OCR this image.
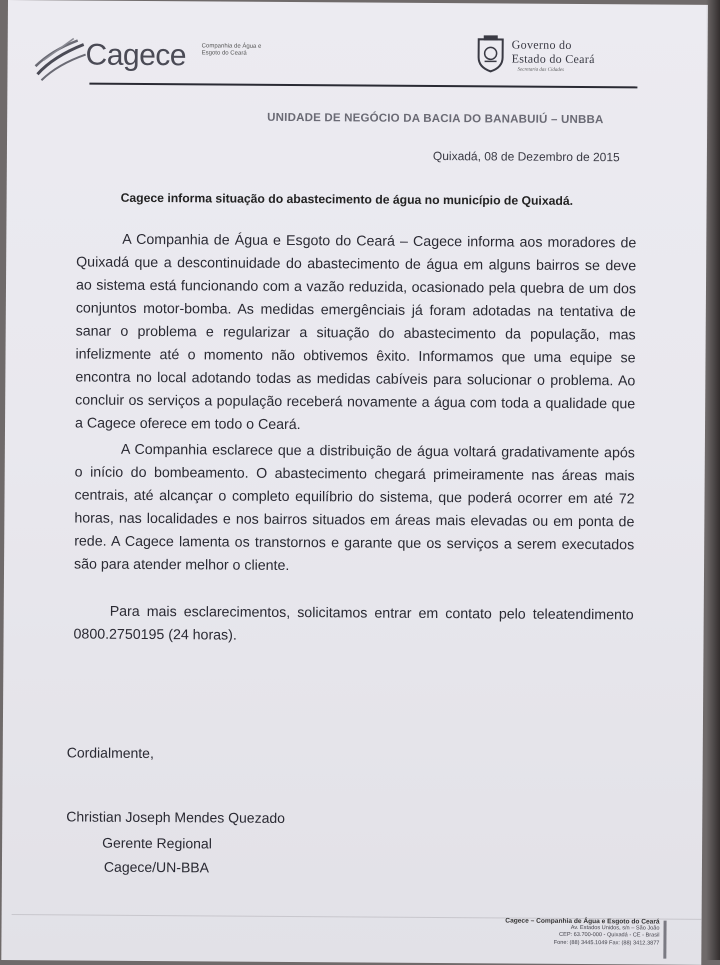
Cagece	Companhia de Água e Esgoto do Ceará
Governo do
Estado do Ceará
Secretaria das Cidades
UNIDADE DE NEGÓCIO DA BACIA DO BANABUIÚ – UNBBA
Quixadá, 08 de Dezembro de 2015
Cagece informa situação do abastecimento de água no município de Quixadá.
A Companhia de Água e Esgoto do Ceará – Cagece informa aos moradores de Quixadá que a descontinuidade do abastecimento de água em alguns bairros se deve ao sistema está funcionando com a vazão reduzida, ocasionado pela quebra de um dos conjuntos motor-bomba. As medidas emergênciais já foram adotadas na tentativa de sanar o problema e regularizar a situação do abastecimento da população, mas infelizmente até o momento não obtivemos êxito. Informamos que uma equipe se encontra no local adotando todas as medidas cabíveis para solucionar o problema. Ao concluir os serviços a população receberá novamente a água com toda a qualidade que a Cagece oferece em todo o Ceará.
A Companhia esclarece que a distribuição de água voltará gradativamente após o início do bombeamento. O abastecimento chegará primeiramente nas áreas mais centrais, até alcançar o completo equilíbrio do sistema, que poderá ocorrer em até 72 horas, nas localidades e nos bairros situados em áreas mais elevadas ou em ponta de rede. A Cagece lamenta os transtornos e garante que os serviços a serem executados são para atender melhor o cliente.
Para mais esclarecimentos, solicitamos entrar em contato pelo teleatendimento 0800.2750195 (24 horas).
Cordialmente,
Christian Joseph Mendes Quezado
Gerente Regional
Cagece/UN-BBA
Cagece – Companhia de Água e Esgoto do Ceará
Av. Estados Unidos, s/n – São João
CEP: 63.700-000 - Quixadá - CE - Brasil
Fone: (88) 3445.1049 Fax: (88) 3412.3877
